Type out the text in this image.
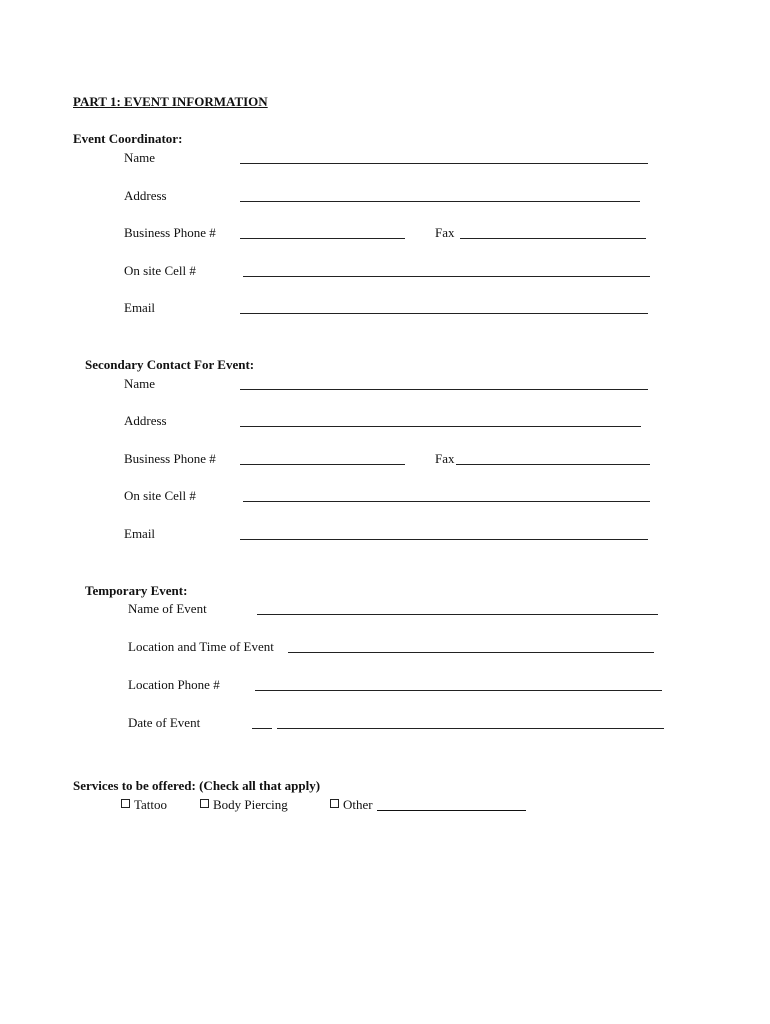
PART 1: EVENT INFORMATION
Event Coordinator:
Name
Address
Business Phone #	Fax
On site Cell #
Email
Secondary Contact For Event:
Name
Address
Business Phone #	Fax
On site Cell #
Email
Temporary Event:
Name of Event
Location and Time of Event
Location Phone #
Date of Event
Services to be offered: (Check all that apply)
Tattoo	Body Piercing	Other
